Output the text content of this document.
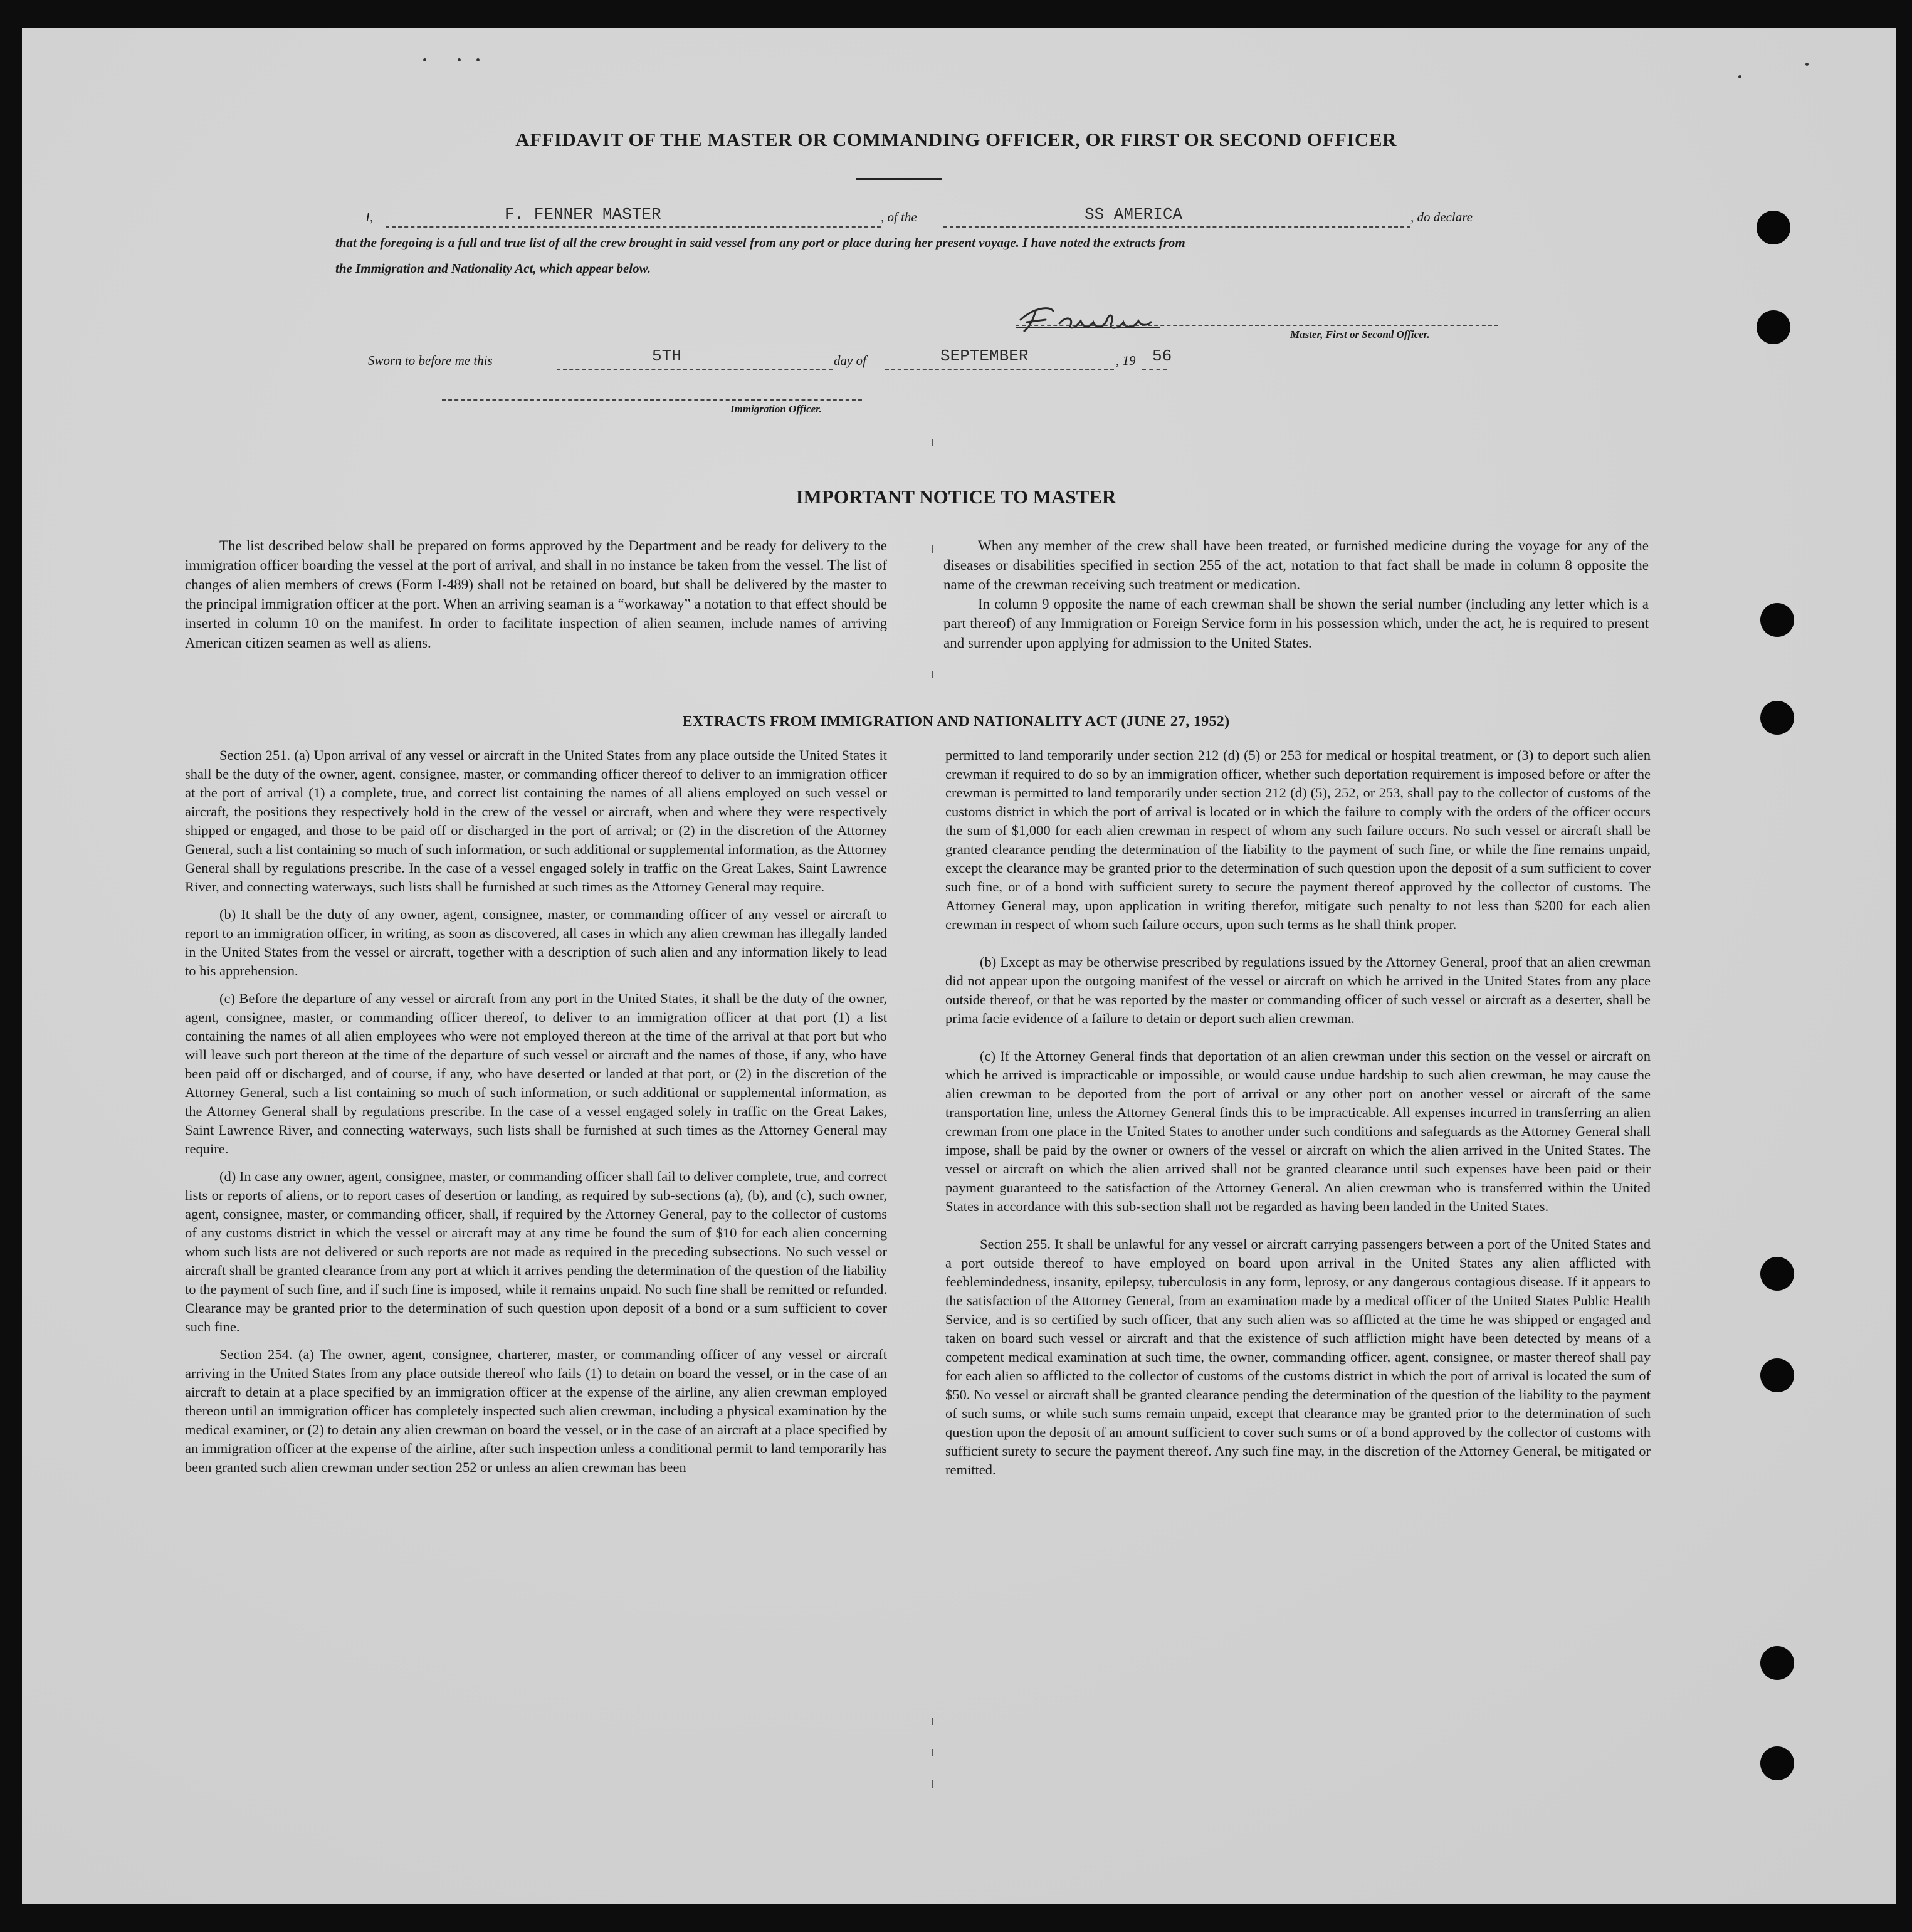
AFFIDAVIT OF THE MASTER OR COMMANDING OFFICER, OR FIRST OR SECOND OFFICER
I,	F. FENNER MASTER	, of the	SS AMERICA	, do declare
that the foregoing is a full and true list of all the crew brought in said vessel from any port or place during her present voyage. I have noted the extracts from
the Immigration and Nationality Act, which appear below.
Master, First or Second Officer.
Sworn to before me this	5TH	day of	SEPTEMBER	, 19 56
Immigration Officer.
IMPORTANT NOTICE TO MASTER

The list described below shall be prepared on forms approved by the Department and be ready for delivery to the immigration officer boarding the vessel at the port of arrival, and shall in no instance be taken from the vessel. The list of changes of alien members of crews (Form I-489) shall not be retained on board, but shall be delivered by the master to the principal immigration officer at the port. When an arriving seaman is a “workaway” a notation to that effect should be inserted in column 10 on the manifest. In order to facilitate inspection of alien seamen, include names of arriving American citizen seamen as well as aliens.

When any member of the crew shall have been treated, or furnished medicine during the voyage for any of the diseases or disabilities specified in section 255 of the act, notation to that fact shall be made in column 8 opposite the name of the crewman receiving such treatment or medication.

In column 9 opposite the name of each crewman shall be shown the serial number (including any letter which is a part thereof) of any Immigration or Foreign Service form in his possession which, under the act, he is required to present and surrender upon applying for admission to the United States.

EXTRACTS FROM IMMIGRATION AND NATIONALITY ACT (JUNE 27, 1952)

Section 251. (a) Upon arrival of any vessel or aircraft in the United States from any place outside the United States it shall be the duty of the owner, agent, consignee, master, or commanding officer thereof to deliver to an immigration officer at the port of arrival (1) a complete, true, and correct list containing the names of all aliens employed on such vessel or aircraft, the positions they respectively hold in the crew of the vessel or aircraft, when and where they were respectively shipped or engaged, and those to be paid off or discharged in the port of arrival; or (2) in the discretion of the Attorney General, such a list containing so much of such information, or such additional or supplemental information, as the Attorney General shall by regulations prescribe. In the case of a vessel engaged solely in traffic on the Great Lakes, Saint Lawrence River, and connecting waterways, such lists shall be furnished at such times as the Attorney General may require.

(b) It shall be the duty of any owner, agent, consignee, master, or commanding officer of any vessel or aircraft to report to an immigration officer, in writing, as soon as discovered, all cases in which any alien crewman has illegally landed in the United States from the vessel or aircraft, together with a description of such alien and any information likely to lead to his apprehension.

(c) Before the departure of any vessel or aircraft from any port in the United States, it shall be the duty of the owner, agent, consignee, master, or commanding officer thereof, to deliver to an immigration officer at that port (1) a list containing the names of all alien employees who were not employed thereon at the time of the arrival at that port but who will leave such port thereon at the time of the departure of such vessel or aircraft and the names of those, if any, who have been paid off or discharged, and of course, if any, who have deserted or landed at that port, or (2) in the discretion of the Attorney General, such a list containing so much of such information, or such additional or supplemental information, as the Attorney General shall by regulations prescribe. In the case of a vessel engaged solely in traffic on the Great Lakes, Saint Lawrence River, and connecting waterways, such lists shall be furnished at such times as the Attorney General may require.

(d) In case any owner, agent, consignee, master, or commanding officer shall fail to deliver complete, true, and correct lists or reports of aliens, or to report cases of desertion or landing, as required by sub-sections (a), (b), and (c), such owner, agent, consignee, master, or commanding officer, shall, if required by the Attorney General, pay to the collector of customs of any customs district in which the vessel or aircraft may at any time be found the sum of $10 for each alien concerning whom such lists are not delivered or such reports are not made as required in the preceding subsections. No such vessel or aircraft shall be granted clearance from any port at which it arrives pending the determination of the question of the liability to the payment of such fine, and if such fine is imposed, while it remains unpaid. No such fine shall be remitted or refunded. Clearance may be granted prior to the determination of such question upon deposit of a bond or a sum sufficient to cover such fine.

Section 254. (a) The owner, agent, consignee, charterer, master, or commanding officer of any vessel or aircraft arriving in the United States from any place outside thereof who fails (1) to detain on board the vessel, or in the case of an aircraft to detain at a place specified by an immigration officer at the expense of the airline, any alien crewman employed thereon until an immigration officer has completely inspected such alien crewman, including a physical examination by the medical examiner, or (2) to detain any alien crewman on board the vessel, or in the case of an aircraft at a place specified by an immigration officer at the expense of the airline, after such inspection unless a conditional permit to land temporarily has been granted such alien crewman under section 252 or unless an alien crewman has been

permitted to land temporarily under section 212 (d) (5) or 253 for medical or hospital treatment, or (3) to deport such alien crewman if required to do so by an immigration officer, whether such deportation requirement is imposed before or after the crewman is permitted to land temporarily under section 212 (d) (5), 252, or 253, shall pay to the collector of customs of the customs district in which the port of arrival is located or in which the failure to comply with the orders of the officer occurs the sum of $1,000 for each alien crewman in respect of whom any such failure occurs. No such vessel or aircraft shall be granted clearance pending the determination of the liability to the payment of such fine, or while the fine remains unpaid, except the clearance may be granted prior to the determination of such question upon the deposit of a sum sufficient to cover such fine, or of a bond with sufficient surety to secure the payment thereof approved by the collector of customs. The Attorney General may, upon application in writing therefor, mitigate such penalty to not less than $200 for each alien crewman in respect of whom such failure occurs, upon such terms as he shall think proper.

(b) Except as may be otherwise prescribed by regulations issued by the Attorney General, proof that an alien crewman did not appear upon the outgoing manifest of the vessel or aircraft on which he arrived in the United States from any place outside thereof, or that he was reported by the master or commanding officer of such vessel or aircraft as a deserter, shall be prima facie evidence of a failure to detain or deport such alien crewman.

(c) If the Attorney General finds that deportation of an alien crewman under this section on the vessel or aircraft on which he arrived is impracticable or impossible, or would cause undue hardship to such alien crewman, he may cause the alien crewman to be deported from the port of arrival or any other port on another vessel or aircraft of the same transportation line, unless the Attorney General finds this to be impracticable. All expenses incurred in transferring an alien crewman from one place in the United States to another under such conditions and safeguards as the Attorney General shall impose, shall be paid by the owner or owners of the vessel or aircraft on which the alien arrived in the United States. The vessel or aircraft on which the alien arrived shall not be granted clearance until such expenses have been paid or their payment guaranteed to the satisfaction of the Attorney General. An alien crewman who is transferred within the United States in accordance with this sub-section shall not be regarded as having been landed in the United States.

Section 255. It shall be unlawful for any vessel or aircraft carrying passengers between a port of the United States and a port outside thereof to have employed on board upon arrival in the United States any alien afflicted with feeblemindedness, insanity, epilepsy, tuberculosis in any form, leprosy, or any dangerous contagious disease. If it appears to the satisfaction of the Attorney General, from an examination made by a medical officer of the United States Public Health Service, and is so certified by such officer, that any such alien was so afflicted at the time he was shipped or engaged and taken on board such vessel or aircraft and that the existence of such affliction might have been detected by means of a competent medical examination at such time, the owner, commanding officer, agent, consignee, or master thereof shall pay for each alien so afflicted to the collector of customs of the customs district in which the port of arrival is located the sum of $50. No vessel or aircraft shall be granted clearance pending the determination of the question of the liability to the payment of such sums, or while such sums remain unpaid, except that clearance may be granted prior to the determination of such question upon the deposit of an amount sufficient to cover such sums or of a bond approved by the collector of customs with sufficient surety to secure the payment thereof. Any such fine may, in the discretion of the Attorney General, be mitigated or remitted.
